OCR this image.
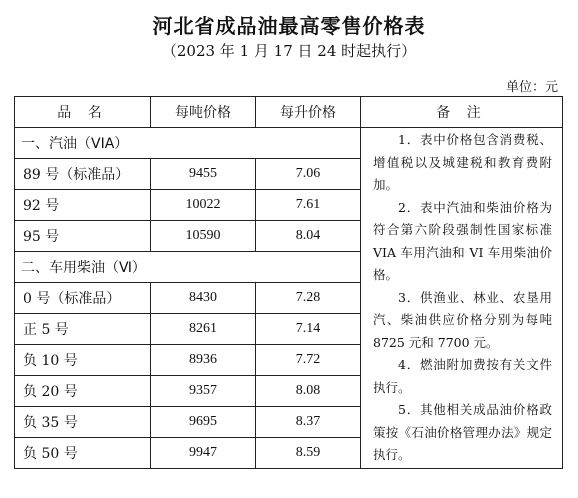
河北省成品油最高零售价格表
（2023 年 1 月 17 日 24 时起执行）
单位：元
品 名	每吨价格	每升价格	备 注
一、汽油（VIA）			1．表中价格包含消费税、增值税以及城建税和教育费附加。

2．表中汽油和柴油价格为符合第六阶段强制性国家标准 VIA 车用汽油和 VI 车用柴油价格。

3．供渔业、林业、农垦用汽、柴油供应价格分别为每吨 8725 元和 7700 元。

4．燃油附加费按有关文件执行。

5．其他相关成品油价格政策按《石油价格管理办法》规定执行。

89 号（标准品）	9455	7.06	
92 号	10022	7.61	
95 号	10590	8.04	
二、车用柴油（Ⅵ）			
0 号（标准品）	8430	7.28	
正 5 号	8261	7.14	
负 10 号	8936	7.72	
负 20 号	9357	8.08	
负 35 号	9695	8.37	
负 50 号	9947	8.59	
